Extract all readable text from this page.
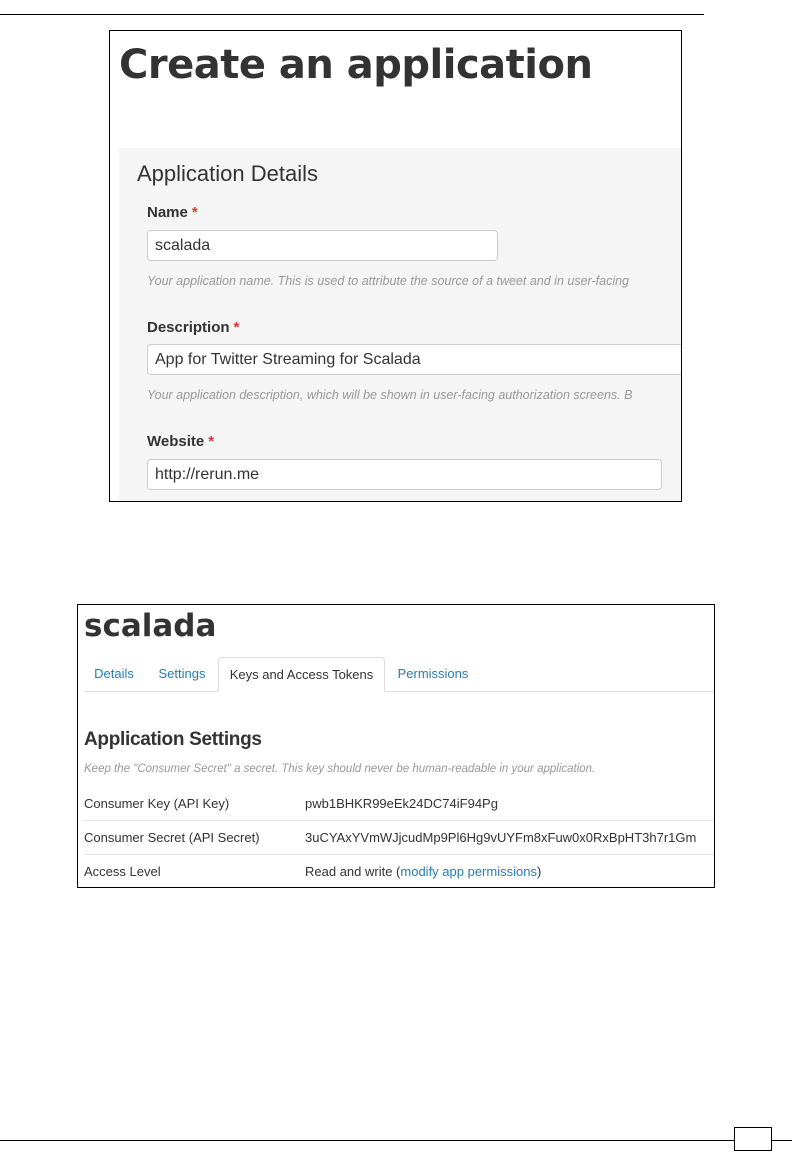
Create an application
Application Details
Name *
scalada
Your application name. This is used to attribute the source of a tweet and in user-facing
Description *
App for Twitter Streaming for Scalada
Your application description, which will be shown in user-facing authorization screens. B
Website *
http://rerun.me
scalada
Details	Settings	Keys and Access Tokens	Permissions
Application Settings
Keep the "Consumer Secret" a secret. This key should never be human-readable in your application.
Consumer Key (API Key)	pwb1BHKR99eEk24DC74iF94Pg
Consumer Secret (API Secret)	3uCYAxYVmWJjcudMp9Pl6Hg9vUYFm8xFuw0x0RxBpHT3h7r1Gm
Access Level	Read and write (modify app permissions)
